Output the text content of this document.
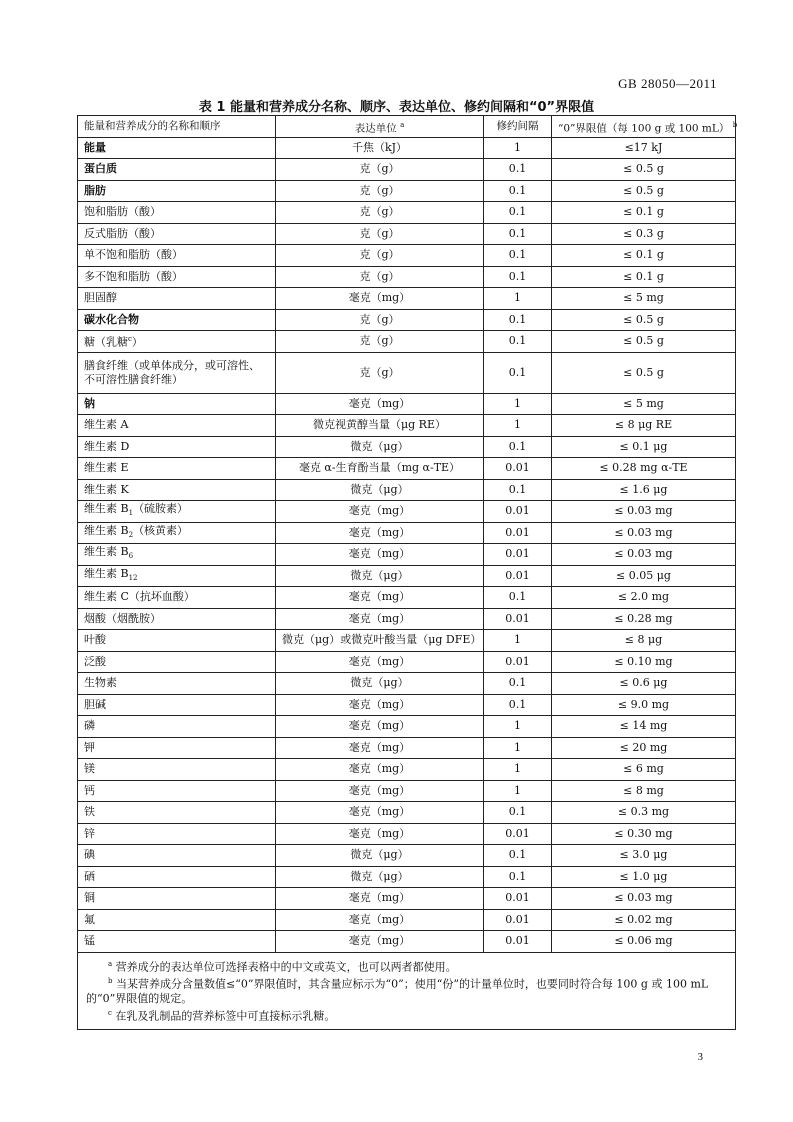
GB 28050—2011
表 1 能量和营养成分名称、顺序、表达单位、修约间隔和“0”界限值
能量和营养成分的名称和顺序	表达单位 $^a$	修约间隔	“0”界限值（每 100 g 或 100 mL） $^b$
能量	千焦（kJ）	1	≤17 kJ
蛋白质	克（g）	0.1	≤ 0.5 g
脂肪	克（g）	0.1	≤ 0.5 g
饱和脂肪（酸）	克（g）	0.1	≤ 0.1 g
反式脂肪（酸）	克（g）	0.1	≤ 0.3 g
单不饱和脂肪（酸）	克（g）	0.1	≤ 0.1 g
多不饱和脂肪（酸）	克（g）	0.1	≤ 0.1 g
胆固醇	毫克（mg）	1	≤ 5 mg
碳水化合物	克（g）	0.1	≤ 0.5 g
糖（乳糖$^c$）	克（g）	0.1	≤ 0.5 g
膳食纤维（或单体成分，或可溶性、不可溶性膳食纤维）	克（g）	0.1	≤ 0.5 g
钠	毫克（mg）	1	≤ 5 mg
维生素 A	微克视黄醇当量（μg RE）	1	≤ 8 μg RE
维生素 D	微克（μg）	0.1	≤ 0.1 μg
维生素 E	毫克 α-生育酚当量（mg α-TE）	0.01	≤ 0.28 mg α-TE
维生素 K	微克（μg）	0.1	≤ 1.6 μg
维生素 $B_1$（硫胺素）	毫克（mg）	0.01	≤ 0.03 mg
维生素 $B_2$（核黄素）	毫克（mg）	0.01	≤ 0.03 mg
维生素 $B_6$	毫克（mg）	0.01	≤ 0.03 mg
维生素 $B_{12}$	微克（μg）	0.01	≤ 0.05 μg
维生素 C（抗坏血酸）	毫克（mg）	0.1	≤ 2.0 mg
烟酸（烟酰胺）	毫克（mg）	0.01	≤ 0.28 mg
叶酸	微克（μg）或微克叶酸当量（μg DFE）	1	≤ 8 μg
泛酸	毫克（mg）	0.01	≤ 0.10 mg
生物素	微克（μg）	0.1	≤ 0.6 μg
胆碱	毫克（mg）	0.1	≤ 9.0 mg
磷	毫克（mg）	1	≤ 14 mg
钾	毫克（mg）	1	≤ 20 mg
镁	毫克（mg）	1	≤ 6 mg
钙	毫克（mg）	1	≤ 8 mg
铁	毫克（mg）	0.1	≤ 0.3 mg
锌	毫克（mg）	0.01	≤ 0.30 mg
碘	微克（μg）	0.1	≤ 3.0 μg
硒	微克（μg）	0.1	≤ 1.0 μg
铜	毫克（mg）	0.01	≤ 0.03 mg
氟	毫克（mg）	0.01	≤ 0.02 mg
锰	毫克（mg）	0.01	≤ 0.06 mg

$^a$ 营养成分的表达单位可选择表格中的中文或英文，也可以两者都使用。
$^b$ 当某营养成分含量数值≤“0”界限值时，其含量应标示为“0”；使用“份”的计量单位时，也要同时符合每 100 g 或 100 mL 的“0”界限值的规定。
$^c$ 在乳及乳制品的营养标签中可直接标示乳糖。			
3
